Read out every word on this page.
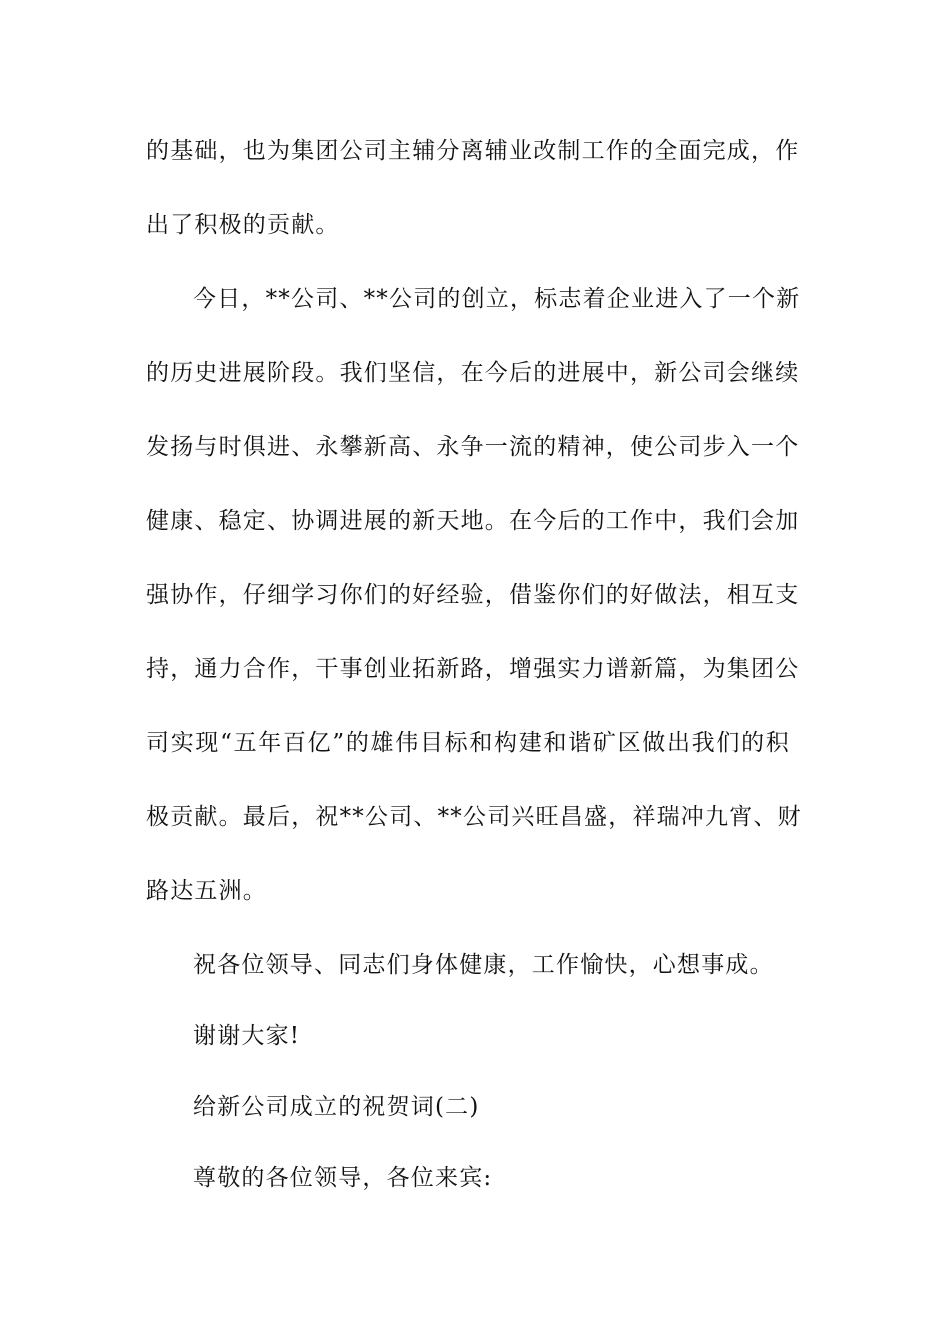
的基础，也为集团公司主辅分离辅业改制工作的全面完成，作
出了积极的贡献。
今日，**公司、**公司的创立，标志着企业进入了一个新
的历史进展阶段。我们坚信，在今后的进展中，新公司会继续
发扬与时俱进、永攀新高、永争一流的精神，使公司步入一个
健康、稳定、协调进展的新天地。在今后的工作中，我们会加
强协作，仔细学习你们的好经验，借鉴你们的好做法，相互支
持，通力合作，干事创业拓新路，增强实力谱新篇，为集团公
司实现“五年百亿”的雄伟目标和构建和谐矿区做出我们的积
极贡献。最后，祝**公司、**公司兴旺昌盛，祥瑞冲九宵、财
路达五洲。
祝各位领导、同志们身体健康，工作愉快，心想事成。
谢谢大家!
给新公司成立的祝贺词(二)
尊敬的各位领导，各位来宾:
